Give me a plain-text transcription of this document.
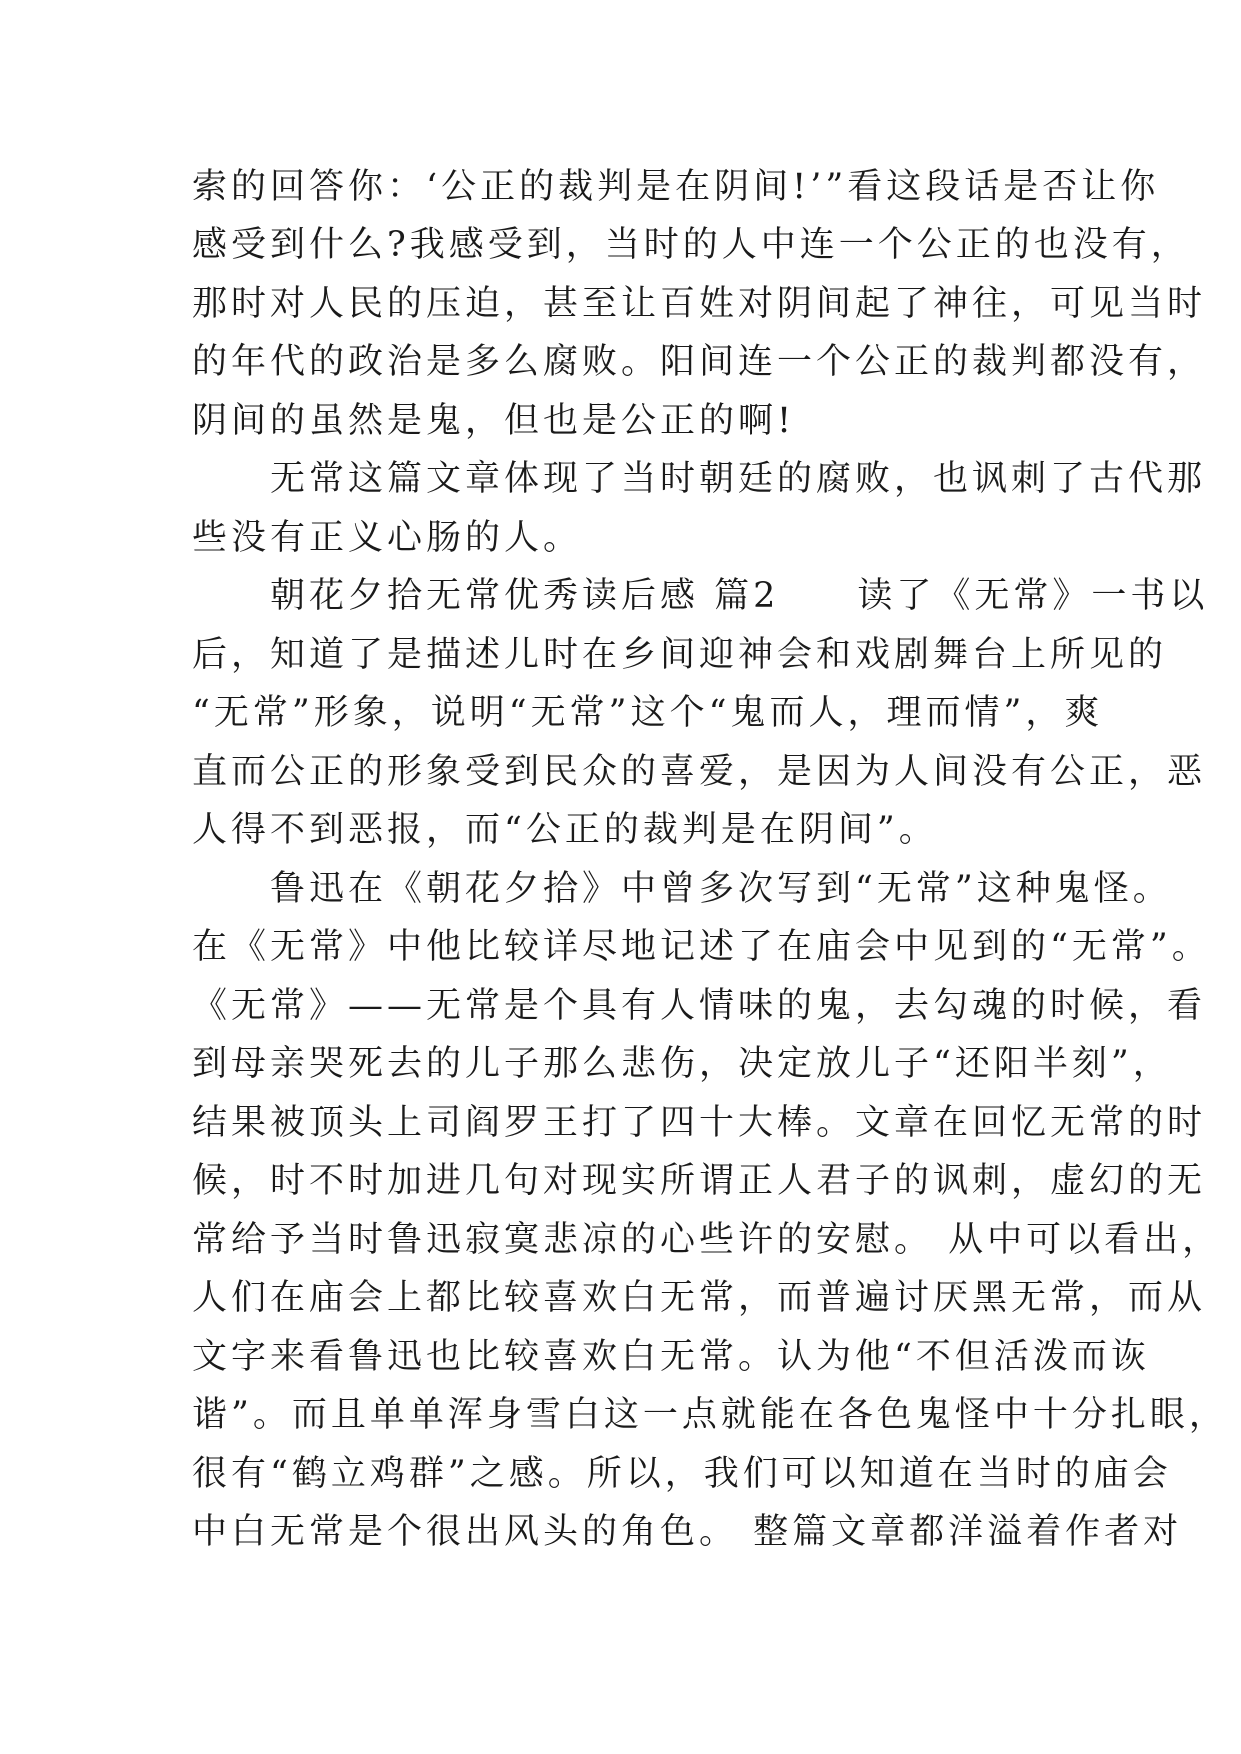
索的回答你：‘公正的裁判是在阴间!’”看这段话是否让你
感受到什么?我感受到，当时的人中连一个公正的也没有，
那时对人民的压迫，甚至让百姓对阴间起了神往，可见当时
的年代的政治是多么腐败。阳间连一个公正的裁判都没有，
阴间的虽然是鬼，但也是公正的啊!
　　无常这篇文章体现了当时朝廷的腐败，也讽刺了古代那
些没有正义心肠的人。
　　朝花夕拾无常优秀读后感 篇2　　读了《无常》一书以
后，知道了是描述儿时在乡间迎神会和戏剧舞台上所见的
“无常”形象，说明“无常”这个“鬼而人，理而情”，爽
直而公正的形象受到民众的喜爱，是因为人间没有公正，恶
人得不到恶报，而“公正的裁判是在阴间”。
　　鲁迅在《朝花夕拾》中曾多次写到“无常”这种鬼怪。
在《无常》中他比较详尽地记述了在庙会中见到的“无常”。
《无常》——无常是个具有人情味的鬼，去勾魂的时候，看
到母亲哭死去的儿子那么悲伤，决定放儿子“还阳半刻”，
结果被顶头上司阎罗王打了四十大棒。文章在回忆无常的时
候，时不时加进几句对现实所谓正人君子的讽刺，虚幻的无
常给予当时鲁迅寂寞悲凉的心些许的安慰。 从中可以看出，
人们在庙会上都比较喜欢白无常，而普遍讨厌黑无常，而从
文字来看鲁迅也比较喜欢白无常。认为他“不但活泼而诙
谐”。而且单单浑身雪白这一点就能在各色鬼怪中十分扎眼，
很有“鹤立鸡群”之感。所以，我们可以知道在当时的庙会
中白无常是个很出风头的角色。 整篇文章都洋溢着作者对
